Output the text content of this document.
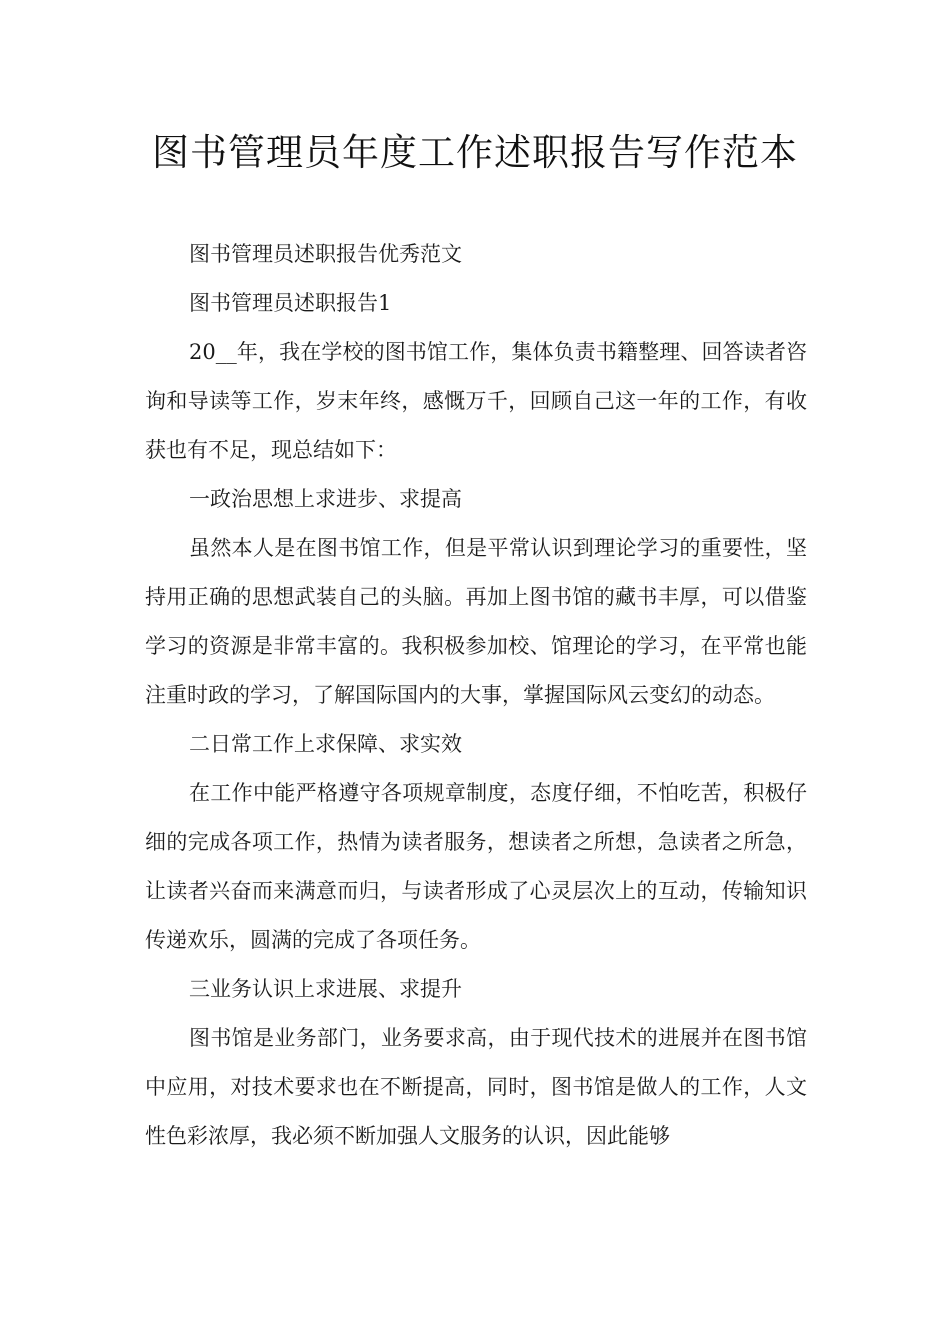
图书管理员年度工作述职报告写作范本

图书管理员述职报告优秀范文

图书管理员述职报告1

20__年，我在学校的图书馆工作，集体负责书籍整理、回答读者咨询和导读等工作，岁末年终，感慨万千，回顾自己这一年的工作，有收获也有不足，现总结如下：

一政治思想上求进步、求提高

虽然本人是在图书馆工作，但是平常认识到理论学习的重要性，坚持用正确的思想武装自己的头脑。再加上图书馆的藏书丰厚，可以借鉴学习的资源是非常丰富的。我积极参加校、馆理论的学习，在平常也能注重时政的学习，了解国际国内的大事，掌握国际风云变幻的动态。

二日常工作上求保障、求实效

在工作中能严格遵守各项规章制度，态度仔细，不怕吃苦，积极仔细的完成各项工作，热情为读者服务，想读者之所想，急读者之所急，让读者兴奋而来满意而归，与读者形成了心灵层次上的互动，传输知识传递欢乐，圆满的完成了各项任务。

三业务认识上求进展、求提升

图书馆是业务部门，业务要求高，由于现代技术的进展并在图书馆中应用，对技术要求也在不断提高，同时，图书馆是做人的工作，人文性色彩浓厚，我必须不断加强人文服务的认识，因此能够
